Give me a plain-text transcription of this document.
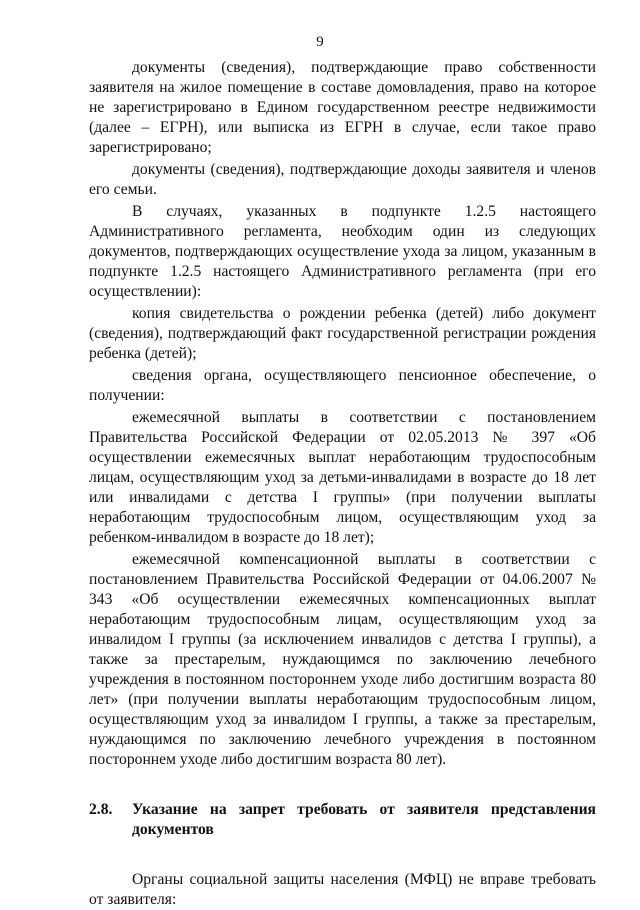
9

документы (сведения), подтверждающие право собственности заявителя на жилое помещение в составе домовладения, право на которое не зарегистрировано в Едином государственном реестре недвижимости (далее – ЕГРН), или выписка из ЕГРН в случае, если такое право зарегистрировано;

документы (сведения), подтверждающие доходы заявителя и членов его семьи.

В случаях, указанных в подпункте 1.2.5 настоящего Административного регламента, необходим один из следующих документов, подтверждающих осуществление ухода за лицом, указанным в подпункте 1.2.5 настоящего Административного регламента (при его осуществлении):

копия свидетельства о рождении ребенка (детей) либо документ (сведения), подтверждающий факт государственной регистрации рождения ребенка (детей);

сведения органа, осуществляющего пенсионное обеспечение, о получении:

ежемесячной выплаты в соответствии с постановлением Правительства Российской Федерации от 02.05.2013 № 397 «Об осуществлении ежемесячных выплат неработающим трудоспособным лицам, осуществляющим уход за детьми-инвалидами в возрасте до 18 лет или инвалидами с детства I группы» (при получении выплаты неработающим трудоспособным лицом, осуществляющим уход за ребенком-инвалидом в возрасте до 18 лет);

ежемесячной компенсационной выплаты в соответствии с постановлением Правительства Российской Федерации от 04.06.2007 № 343 «Об осуществлении ежемесячных компенсационных выплат неработающим трудоспособным лицам, осуществляющим уход за инвалидом I группы (за исключением инвалидов с детства I группы), а также за престарелым, нуждающимся по заключению лечебного учреждения в постоянном постороннем уходе либо достигшим возраста 80 лет» (при получении выплаты неработающим трудоспособным лицом, осуществляющим уход за инвалидом I группы, а также за престарелым, нуждающимся по заключению лечебного учреждения в постоянном постороннем уходе либо достигшим возраста 80 лет).

2.8.	Указание на запрет требовать от заявителя представления документов

Органы социальной защиты населения (МФЦ) не вправе требовать от заявителя:
